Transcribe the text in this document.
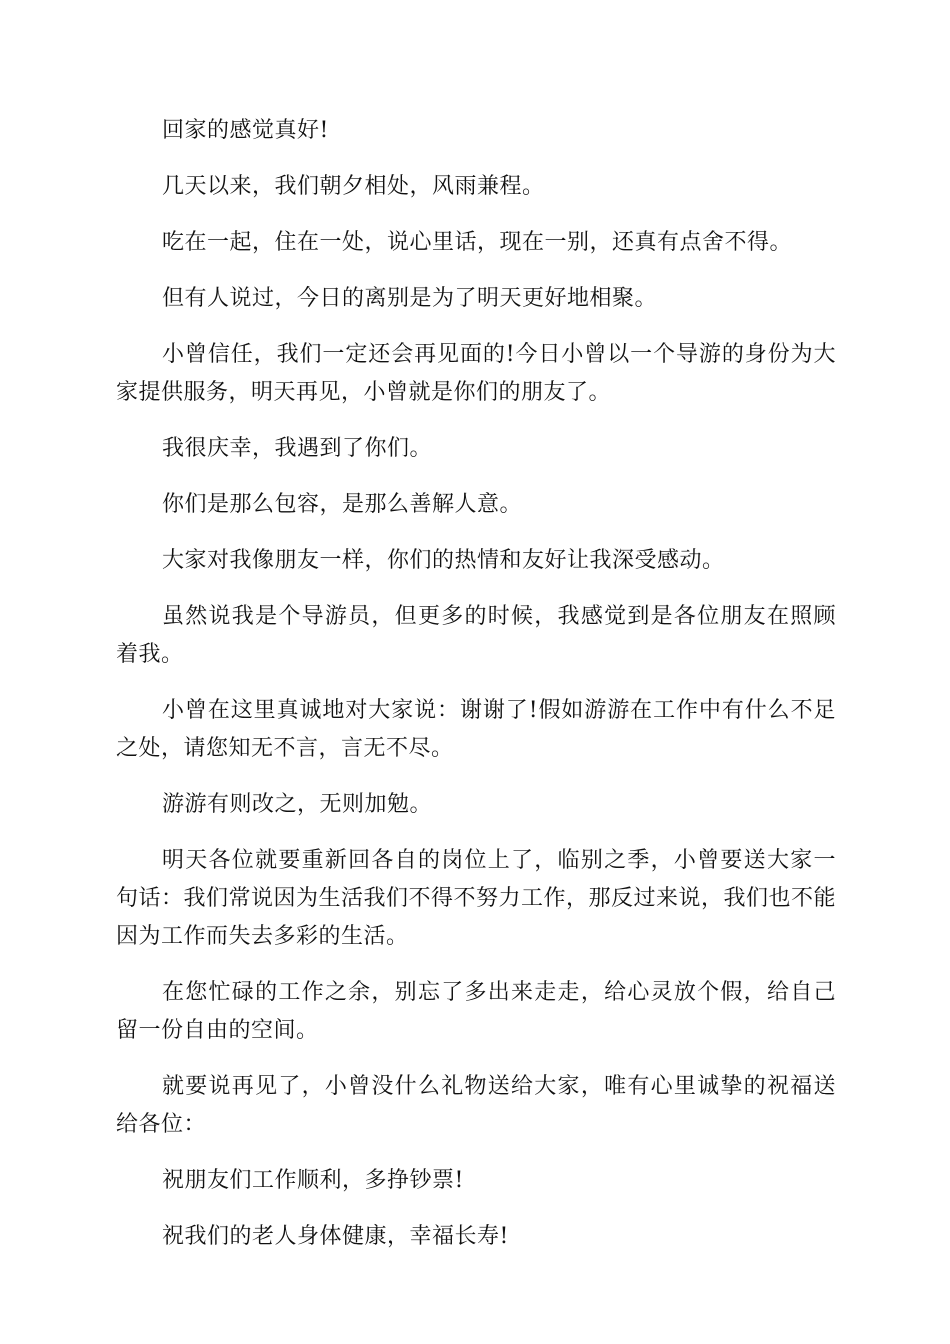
回家的感觉真好!

几天以来，我们朝夕相处，风雨兼程。

吃在一起，住在一处，说心里话，现在一别，还真有点舍不得。

但有人说过，今日的离别是为了明天更好地相聚。

小曾信任，我们一定还会再见面的!今日小曾以一个导游的身份为大家提供服务，明天再见，小曾就是你们的朋友了。

我很庆幸，我遇到了你们。

你们是那么包容，是那么善解人意。

大家对我像朋友一样，你们的热情和友好让我深受感动。

虽然说我是个导游员，但更多的时候，我感觉到是各位朋友在照顾着我。

小曾在这里真诚地对大家说：谢谢了!假如游游在工作中有什么不足之处，请您知无不言，言无不尽。

游游有则改之，无则加勉。

明天各位就要重新回各自的岗位上了，临别之季，小曾要送大家一句话：我们常说因为生活我们不得不努力工作，那反过来说，我们也不能因为工作而失去多彩的生活。

在您忙碌的工作之余，别忘了多出来走走，给心灵放个假，给自己留一份自由的空间。

就要说再见了，小曾没什么礼物送给大家，唯有心里诚挚的祝福送给各位：

祝朋友们工作顺利，多挣钞票!

祝我们的老人身体健康，幸福长寿!
